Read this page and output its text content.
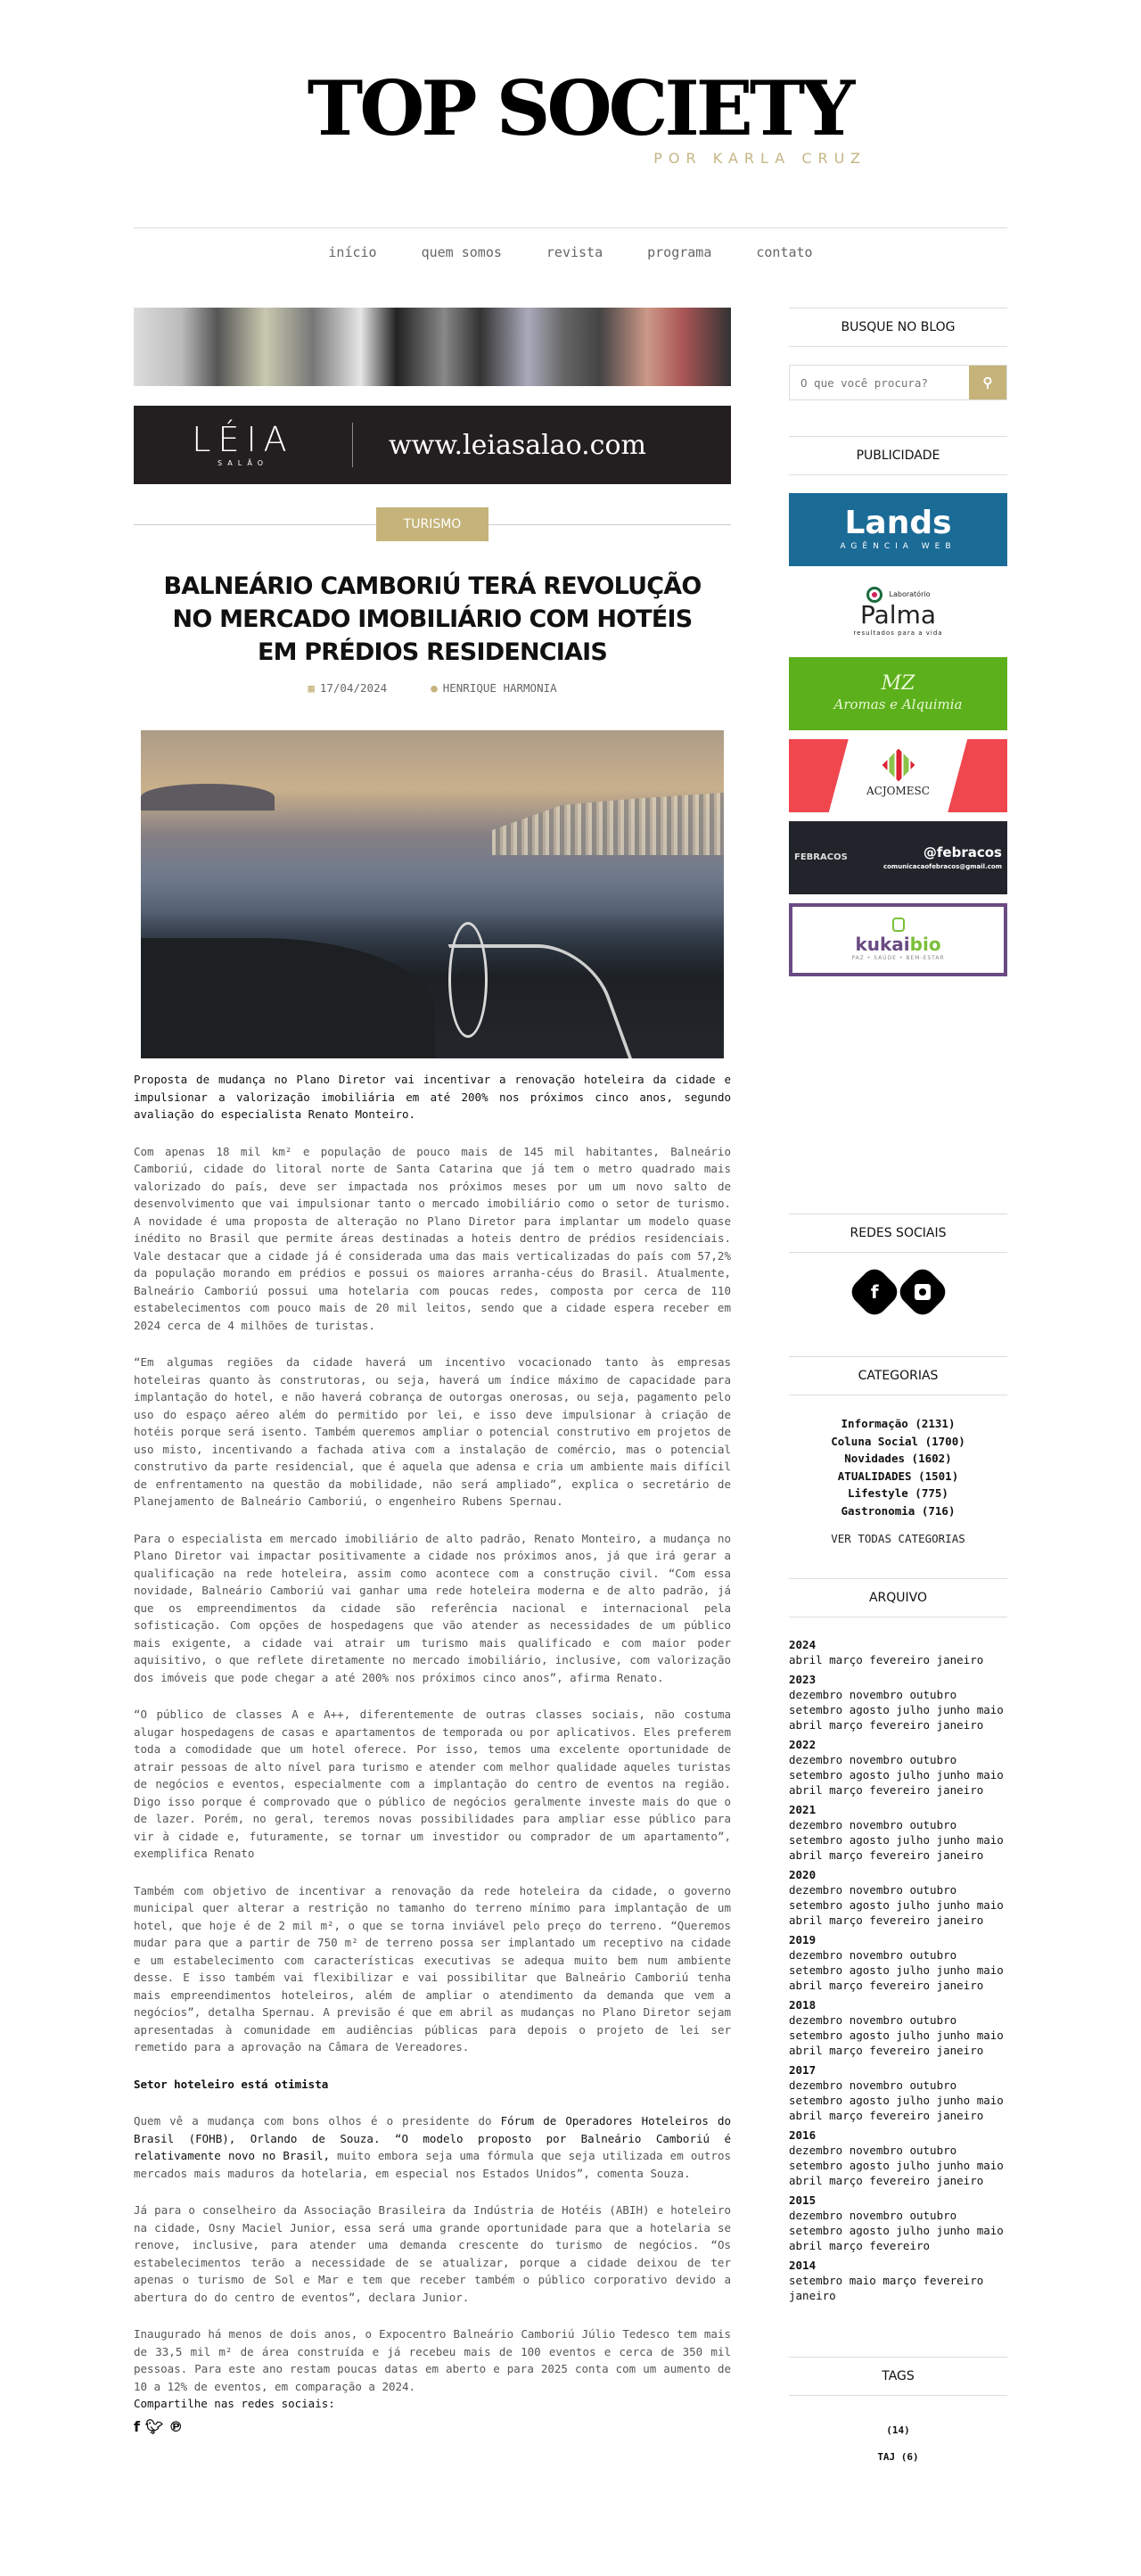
TOP SOCIETY
POR KARLA CRUZ
início	quem somos	revista	programa	contato
LÉIA
SALÃO
www.leiasalao.com
TURISMO
BALNEÁRIO CAMBORIÚ TERÁ REVOLUÇÃO NO MERCADO IMOBILIÁRIO COM HOTÉIS EM PRÉDIOS RESIDENCIAIS
▦ 17/04/2024	● HENRIQUE HARMONIA

Proposta de mudança no Plano Diretor vai incentivar a renovação hoteleira da cidade e impulsionar a valorização imobiliária em até 200% nos próximos cinco anos, segundo avaliação do especialista Renato Monteiro.

Com apenas 18 mil km² e população de pouco mais de 145 mil habitantes, Balneário Camboriú, cidade do litoral norte de Santa Catarina que já tem o metro quadrado mais valorizado do país, deve ser impactada nos próximos meses por um um novo salto de desenvolvimento que vai impulsionar tanto o mercado imobiliário como o setor de turismo. A novidade é uma proposta de alteração no Plano Diretor para implantar um modelo quase inédito no Brasil que permite áreas destinadas a hoteis dentro de prédios residenciais. Vale destacar que a cidade já é considerada uma das mais verticalizadas do país com 57,2% da população morando em prédios e possui os maiores arranha-céus do Brasil. Atualmente, Balneário Camboriú possui uma hotelaria com poucas redes, composta por cerca de 110 estabelecimentos com pouco mais de 20 mil leitos, sendo que a cidade espera receber em 2024 cerca de 4 milhões de turistas.

“Em algumas regiões da cidade haverá um incentivo vocacionado tanto às empresas hoteleiras quanto às construtoras, ou seja, haverá um índice máximo de capacidade para implantação do hotel, e não haverá cobrança de outorgas onerosas, ou seja, pagamento pelo uso do espaço aéreo além do permitido por lei, e isso deve impulsionar à criação de hotéis porque será isento. Também queremos ampliar o potencial construtivo em projetos de uso misto, incentivando a fachada ativa com a instalação de comércio, mas o potencial construtivo da parte residencial, que é aquela que adensa e cria um ambiente mais difícil de enfrentamento na questão da mobilidade, não será ampliado”, explica o secretário de Planejamento de Balneário Camboriú, o engenheiro Rubens Spernau.

Para o especialista em mercado imobiliário de alto padrão, Renato Monteiro, a mudança no Plano Diretor vai impactar positivamente a cidade nos próximos anos, já que irá gerar a qualificação na rede hoteleira, assim como acontece com a construção civil. “Com essa novidade, Balneário Camboriú vai ganhar uma rede hoteleira moderna e de alto padrão, já que os empreendimentos da cidade são referência nacional e internacional pela sofisticação. Com opções de hospedagens que vão atender as necessidades de um público mais exigente, a cidade vai atrair um turismo mais qualificado e com maior poder aquisitivo, o que reflete diretamente no mercado imobiliário, inclusive, com valorização dos imóveis que pode chegar a até 200% nos próximos cinco anos”, afirma Renato.

“O público de classes A e A++, diferentemente de outras classes sociais, não costuma alugar hospedagens de casas e apartamentos de temporada ou por aplicativos. Eles preferem toda a comodidade que um hotel oferece. Por isso, temos uma excelente oportunidade de atrair pessoas de alto nível para turismo e atender com melhor qualidade aqueles turistas de negócios e eventos, especialmente com a implantação do centro de eventos na região. Digo isso porque é comprovado que o público de negócios geralmente investe mais do que o de lazer. Porém, no geral, teremos novas possibilidades para ampliar esse público para vir à cidade e, futuramente, se tornar um investidor ou comprador de um apartamento”, exemplifica Renato

Também com objetivo de incentivar a renovação da rede hoteleira da cidade, o governo municipal quer alterar a restrição no tamanho do terreno mínimo para implantação de um hotel, que hoje é de 2 mil m², o que se torna inviável pelo preço do terreno. “Queremos mudar para que a partir de 750 m² de terreno possa ser implantado um receptivo na cidade e um estabelecimento com características executivas se adequa muito bem num ambiente desse. E isso também vai flexibilizar e vai possibilitar que Balneário Camboriú tenha mais empreendimentos hoteleiros, além de ampliar o atendimento da demanda que vem a negócios”, detalha Spernau. A previsão é que em abril as mudanças no Plano Diretor sejam apresentadas à comunidade em audiências públicas para depois o projeto de lei ser remetido para a aprovação na Câmara de Vereadores.

Setor hoteleiro está otimista

Quem vê a mudança com bons olhos é o presidente do Fórum de Operadores Hoteleiros do Brasil (FOHB), Orlando de Souza. “O modelo proposto por Balneário Camboriú é relativamente novo no Brasil, muito embora seja uma fórmula que seja utilizada em outros mercados mais maduros da hotelaria, em especial nos Estados Unidos”, comenta Souza.

Já para o conselheiro da Associação Brasileira da Indústria de Hotéis (ABIH) e hoteleiro na cidade, Osny Maciel Junior, essa será uma grande oportunidade para que a hotelaria se renove, inclusive, para atender uma demanda crescente do turismo de negócios. “Os estabelecimentos terão a necessidade de se atualizar, porque a cidade deixou de ter apenas o turismo de Sol e Mar e tem que receber também o público corporativo devido a abertura do do centro de eventos”, declara Junior.

Inaugurado há menos de dois anos, o Expocentro Balneário Camboriú Júlio Tedesco tem mais de 33,5 mil m² de área construída e já recebeu mais de 100 eventos e cerca de 350 mil pessoas. Para este ano restam poucas datas em aberto e para 2025 conta com um aumento de 10 a 12% de eventos, em comparação a 2024.

Compartilhe nas redes sociais:
f 🐦︎ ℗
BUSQUE NO BLOG
O que você procura?
⚲
PUBLICIDADE
Lands
AGÊNCIA WEB
Laboratório
Palma
resultados para a vida
MZ
Aromas e Alquimia
ACJOMESC
FEBRACOS	@febracos
comunicacaofebracos@gmail.com
kukaibio
PAZ • SAÚDE • BEM-ESTAR
REDES SOCIAIS
f
CATEGORIAS
Informação (2131)
Coluna Social (1700)
Novidades (1602)
ATUALIDADES (1501)
Lifestyle (775)
Gastronomia (716)
VER TODAS CATEGORIAS
ARQUIVO
2024
abril março fevereiro janeiro
2023
dezembro novembro outubro setembro agosto julho junho maio abril março fevereiro janeiro
2022
dezembro novembro outubro setembro agosto julho junho maio abril março fevereiro janeiro
2021
dezembro novembro outubro setembro agosto julho junho maio abril março fevereiro janeiro
2020
dezembro novembro outubro setembro agosto julho junho maio abril março fevereiro janeiro
2019
dezembro novembro outubro setembro agosto julho junho maio abril março fevereiro janeiro
2018
dezembro novembro outubro setembro agosto julho junho maio abril março fevereiro janeiro
2017
dezembro novembro outubro setembro agosto julho junho maio abril março fevereiro janeiro
2016
dezembro novembro outubro setembro agosto julho junho maio abril março fevereiro janeiro
2015
dezembro novembro outubro setembro agosto julho junho maio abril março fevereiro
2014
setembro maio março fevereiro janeiro
TAGS
(14)
TAJ (6)
